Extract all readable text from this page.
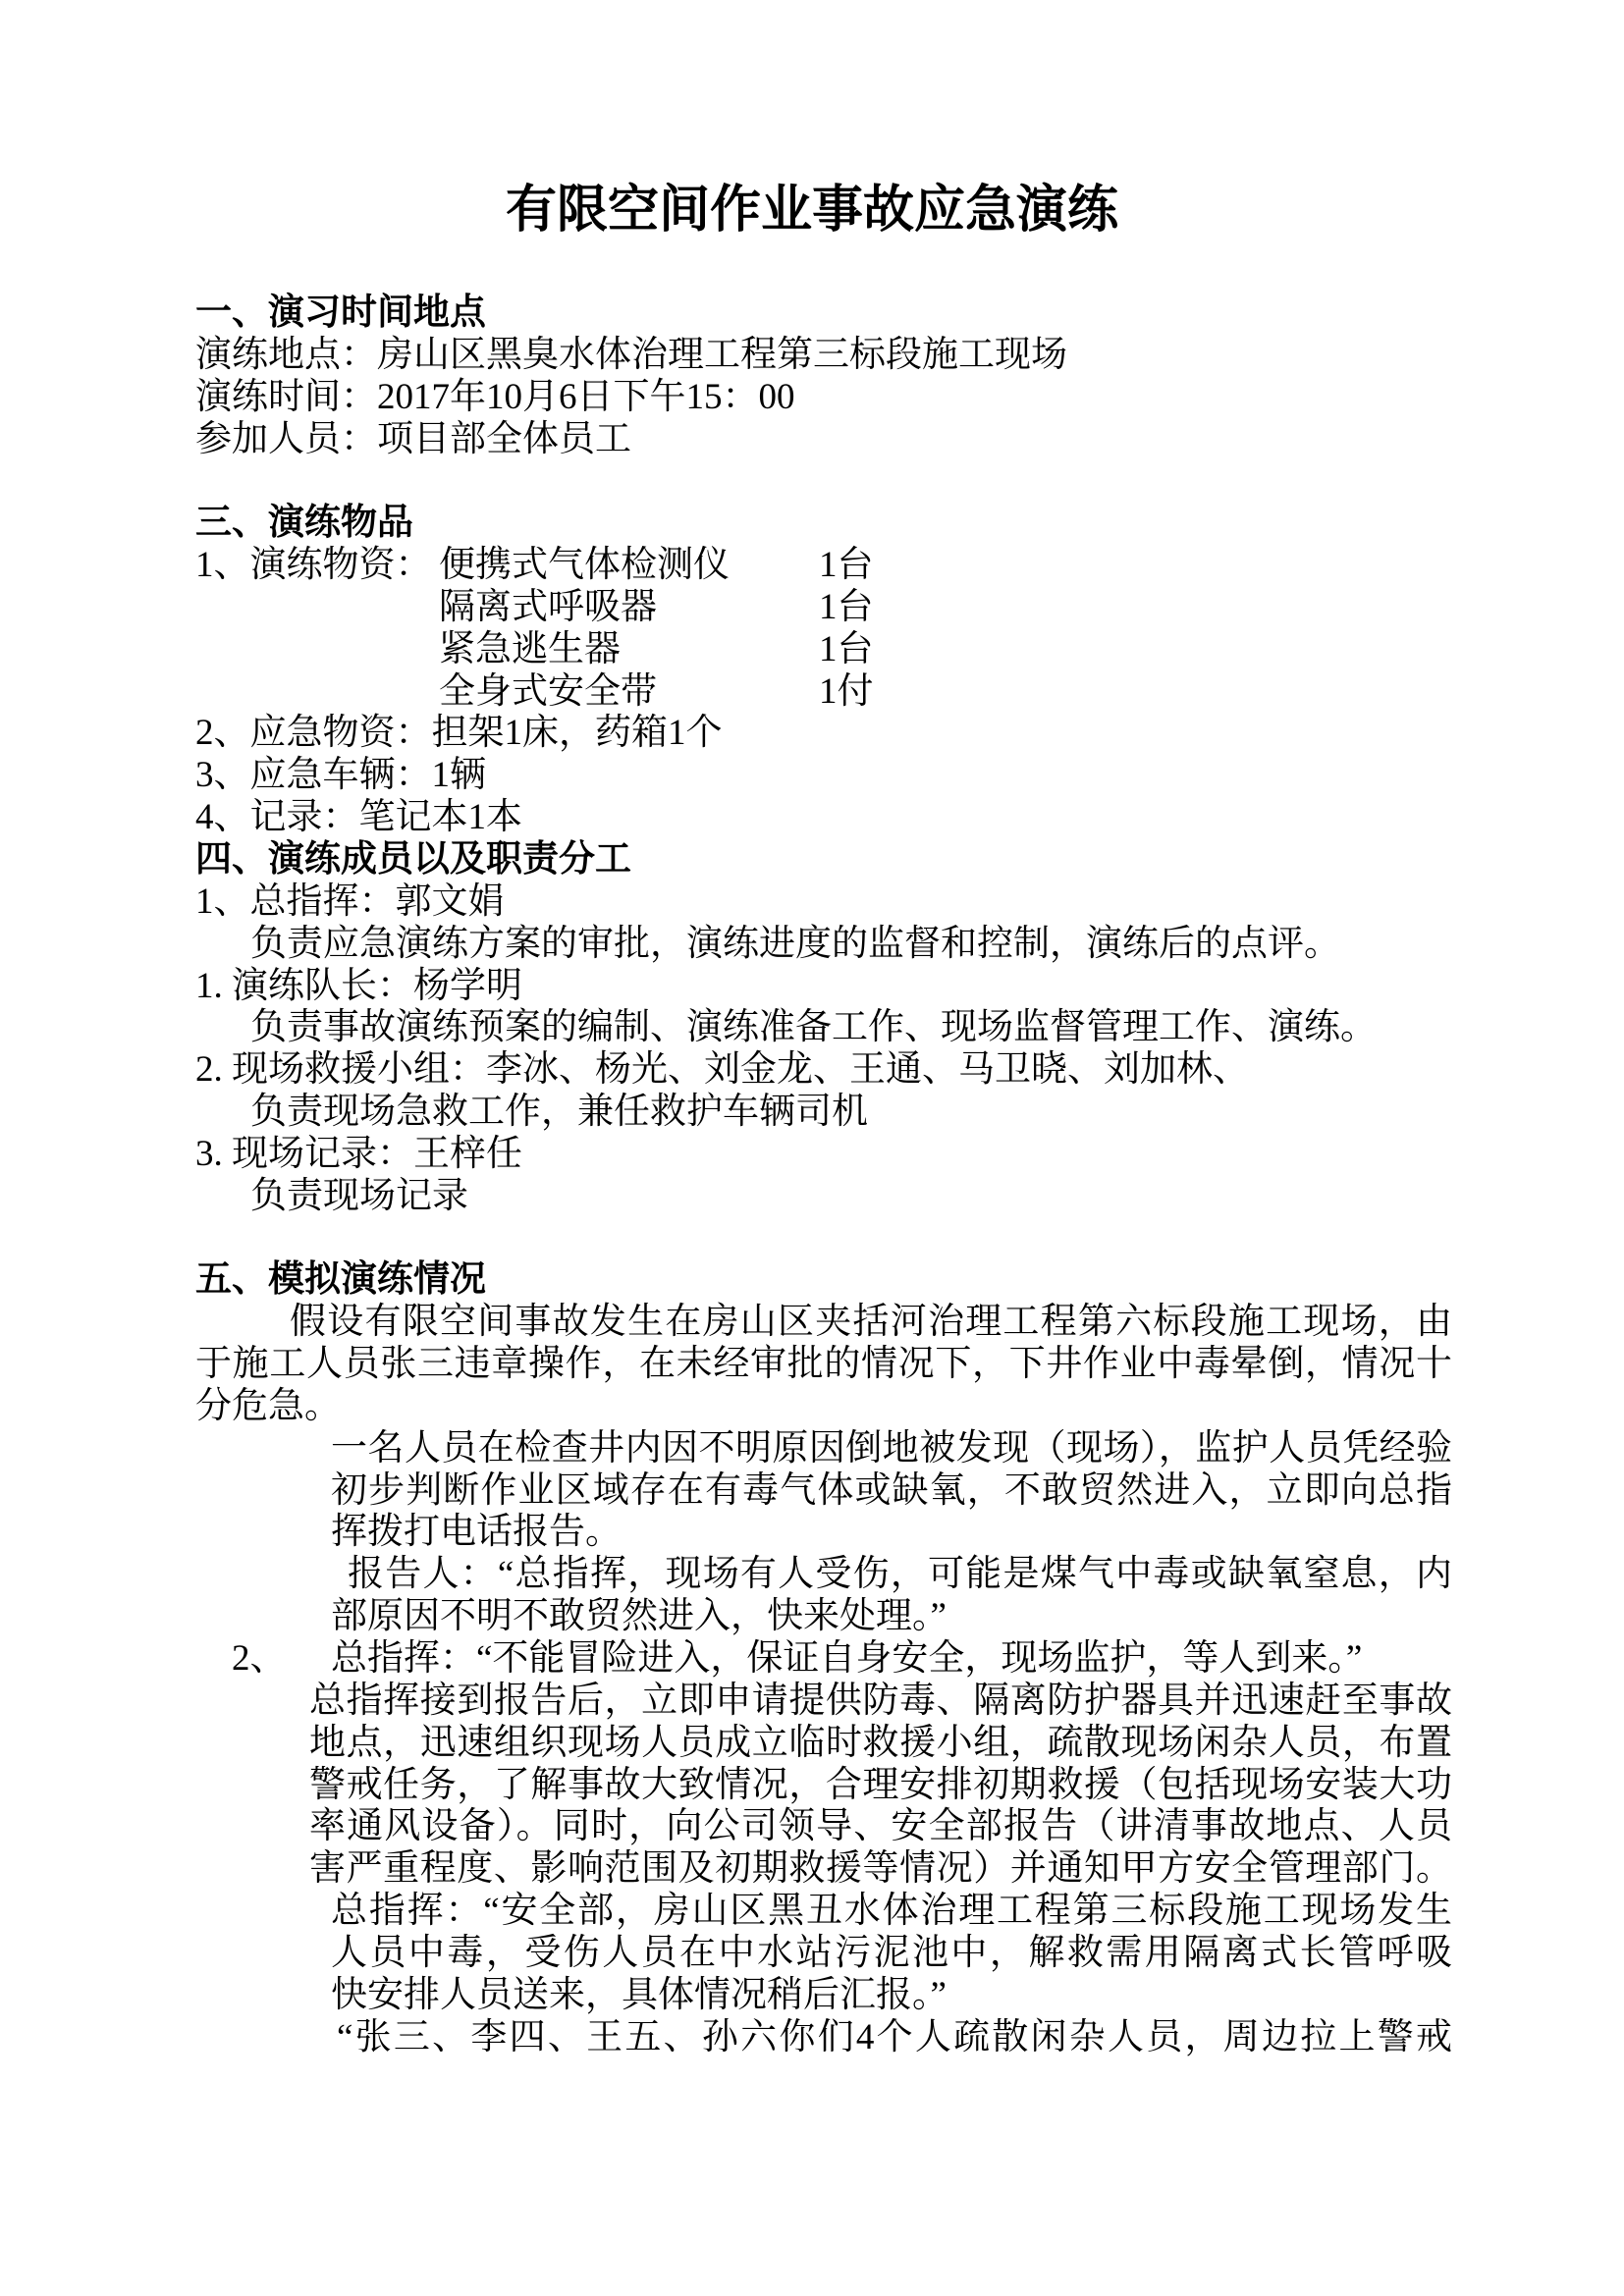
有限空间作业事故应急演练
一、演习时间地点
演练地点：房山区黑臭水体治理工程第三标段施工现场
演练时间：2017年10月6日下午15：00
参加人员：项目部全体员工
三、演练物品
1、演练物资： 便携式气体检测仪 1台
隔离式呼吸器	1台
紧急逃生器	1台
全身式安全带	1付
2、应急物资：担架1床，药箱1个
3、应急车辆：1辆
4、记录：笔记本1本
四、演练成员以及职责分工
1、总指挥：郭文娟
负责应急演练方案的审批，演练进度的监督和控制，演练后的点评。
1. 演练队长：杨学明
负责事故演练预案的编制、演练准备工作、现场监督管理工作、演练。
2. 现场救援小组：李冰、杨光、刘金龙、王通、马卫晓、刘加林、
负责现场急救工作，兼任救护车辆司机
3. 现场记录：王梓任
负责现场记录
五、模拟演练情况
假设有限空间事故发生在房山区夹括河治理工程第六标段施工现场，由
于施工人员张三违章操作，在未经审批的情况下，下井作业中毒晕倒，情况十
分危急。
一名人员在检查井内因不明原因倒地被发现（现场），监护人员凭经验
初步判断作业区域存在有毒气体或缺氧，不敢贸然进入，立即向总指
挥拨打电话报告。
报告人：“总指挥，现场有人受伤，可能是煤气中毒或缺氧窒息，内
部原因不明不敢贸然进入，快来处理。”
2、 总指挥：“不能冒险进入，保证自身安全，现场监护，等人到来。”
总指挥接到报告后，立即申请提供防毒、隔离防护器具并迅速赶至事故
地点，迅速组织现场人员成立临时救援小组，疏散现场闲杂人员，布置
警戒任务，了解事故大致情况，合理安排初期救援（包括现场安装大功
率通风设备）。同时，向公司领导、安全部报告（讲清事故地点、人员
害严重程度、影响范围及初期救援等情况）并通知甲方安全管理部门。
总指挥：“安全部，房山区黑丑水体治理工程第三标段施工现场发生
人员中毒，受伤人员在中水站污泥池中，解救需用隔离式长管呼吸
快安排人员送来，具体情况稍后汇报。”
“张三、李四、王五、孙六你们4个人疏散闲杂人员，周边拉上警戒
